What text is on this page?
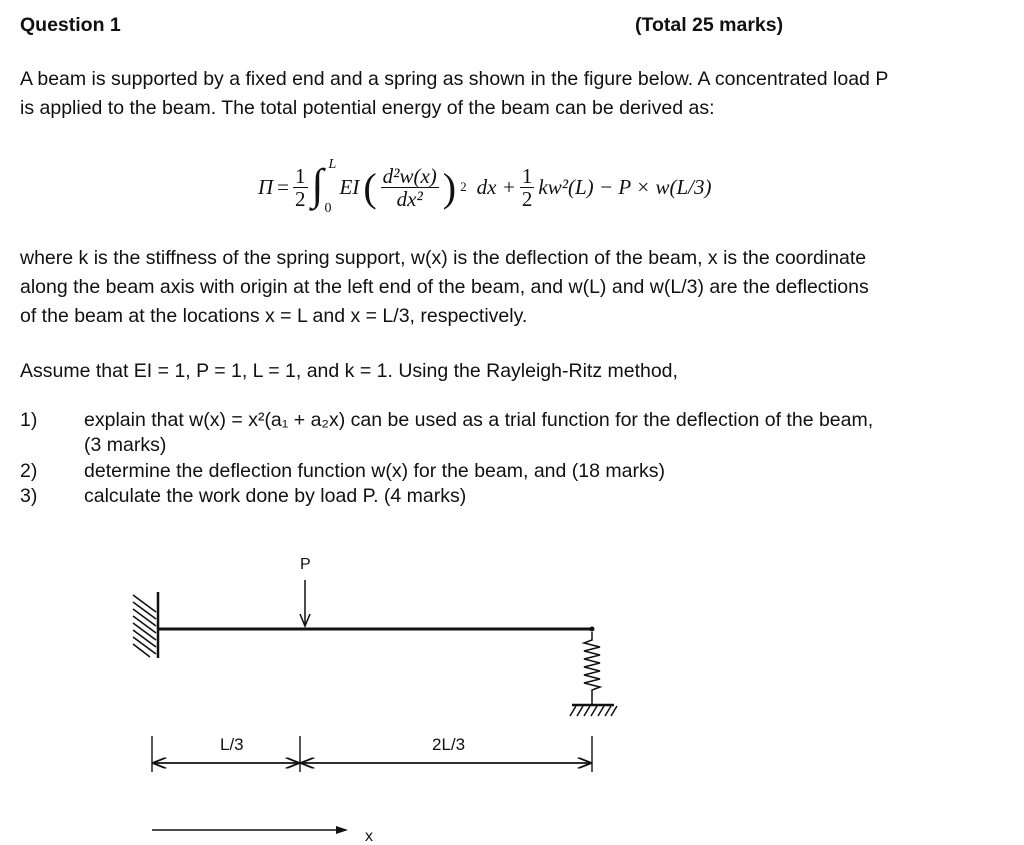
Question 1	(Total 25 marks)
A beam is supported by a fixed end and a spring as shown in the figure below. A concentrated load P
is applied to the beam. The total potential energy of the beam can be derived as:
$\Pi = \frac{1}{2}$ ∫ L
0
EI ( $\frac{\text{d²w(x)}}{\text{dx²}}$ ) 2 dx + $\frac{1}{2} kw^2(L) - P \times w(L/3)$
where k is the stiffness of the spring support, w(x) is the deflection of the beam, x is the coordinate
along the beam axis with origin at the left end of the beam, and w(L) and w(L/3) are the deflections
of the beam at the locations x = L and x = L/3, respectively.
Assume that EI = 1, P = 1, L = 1, and k = 1. Using the Rayleigh-Ritz method,
1) explain that w(x) = x²(a₁ + a₂x) can be used as a trial function for the deflection of the beam,
(3 marks)
2) determine the deflection function w(x) for the beam, and (18 marks)
3) calculate the work done by load P. (4 marks)
P
L/3	2L/3
x
